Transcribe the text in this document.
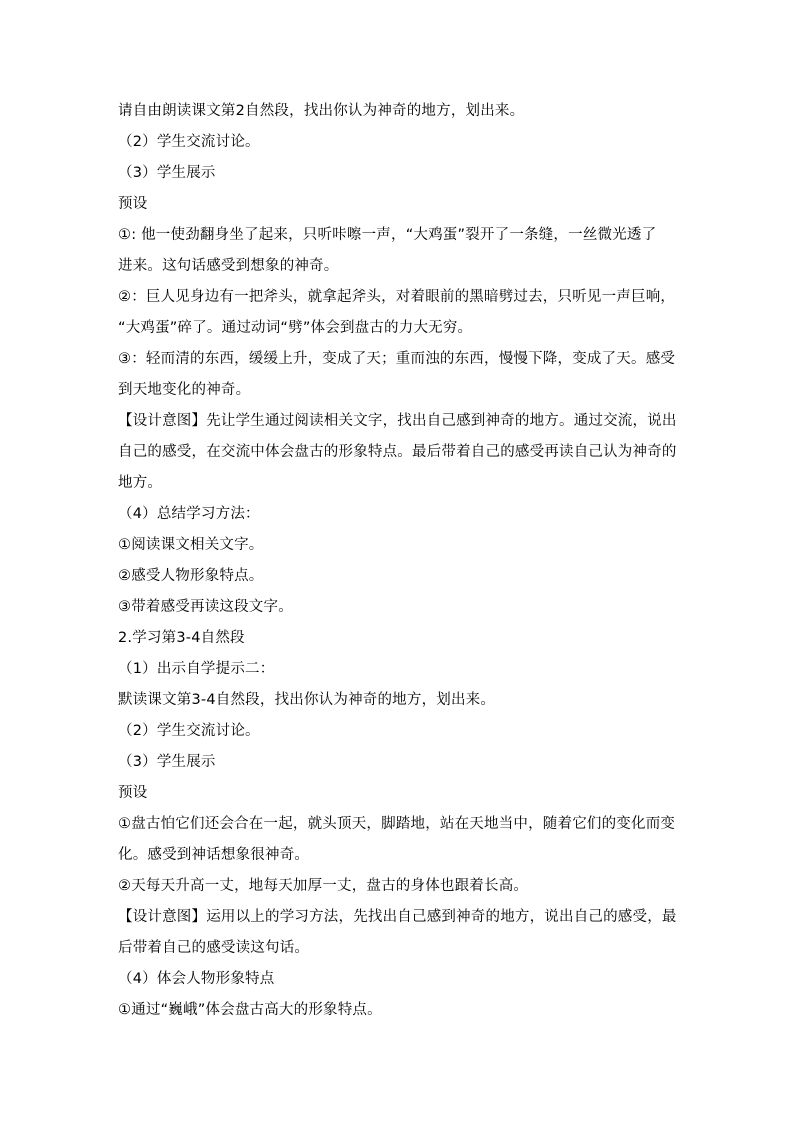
请自由朗读课文第2自然段，找出你认为神奇的地方，划出来。
（2）学生交流讨论。
（3）学生展示
预设
①: 他一使劲翻身坐了起来，只听咔嚓一声，“大鸡蛋”裂开了一条缝，一丝微光透了
进来。这句话感受到想象的神奇。
②：巨人见身边有一把斧头，就拿起斧头，对着眼前的黑暗劈过去，只听见一声巨响，
“大鸡蛋”碎了。通过动词“劈”体会到盘古的力大无穷。
③：轻而清的东西，缓缓上升，变成了天；重而浊的东西，慢慢下降，变成了天。感受
到天地变化的神奇。
【设计意图】先让学生通过阅读相关文字，找出自己感到神奇的地方。通过交流，说出
自己的感受，在交流中体会盘古的形象特点。最后带着自己的感受再读自己认为神奇的
地方。
（4）总结学习方法：
①阅读课文相关文字。
②感受人物形象特点。
③带着感受再读这段文字。
2.学习第3-4自然段
（1）出示自学提示二：
默读课文第3-4自然段，找出你认为神奇的地方，划出来。
（2）学生交流讨论。
（3）学生展示
预设
①盘古怕它们还会合在一起，就头顶天，脚踏地，站在天地当中，随着它们的变化而变
化。感受到神话想象很神奇。
②天每天升高一丈，地每天加厚一丈，盘古的身体也跟着长高。
【设计意图】运用以上的学习方法，先找出自己感到神奇的地方，说出自己的感受，最
后带着自己的感受读这句话。
（4）体会人物形象特点
①通过“巍峨”体会盘古高大的形象特点。
